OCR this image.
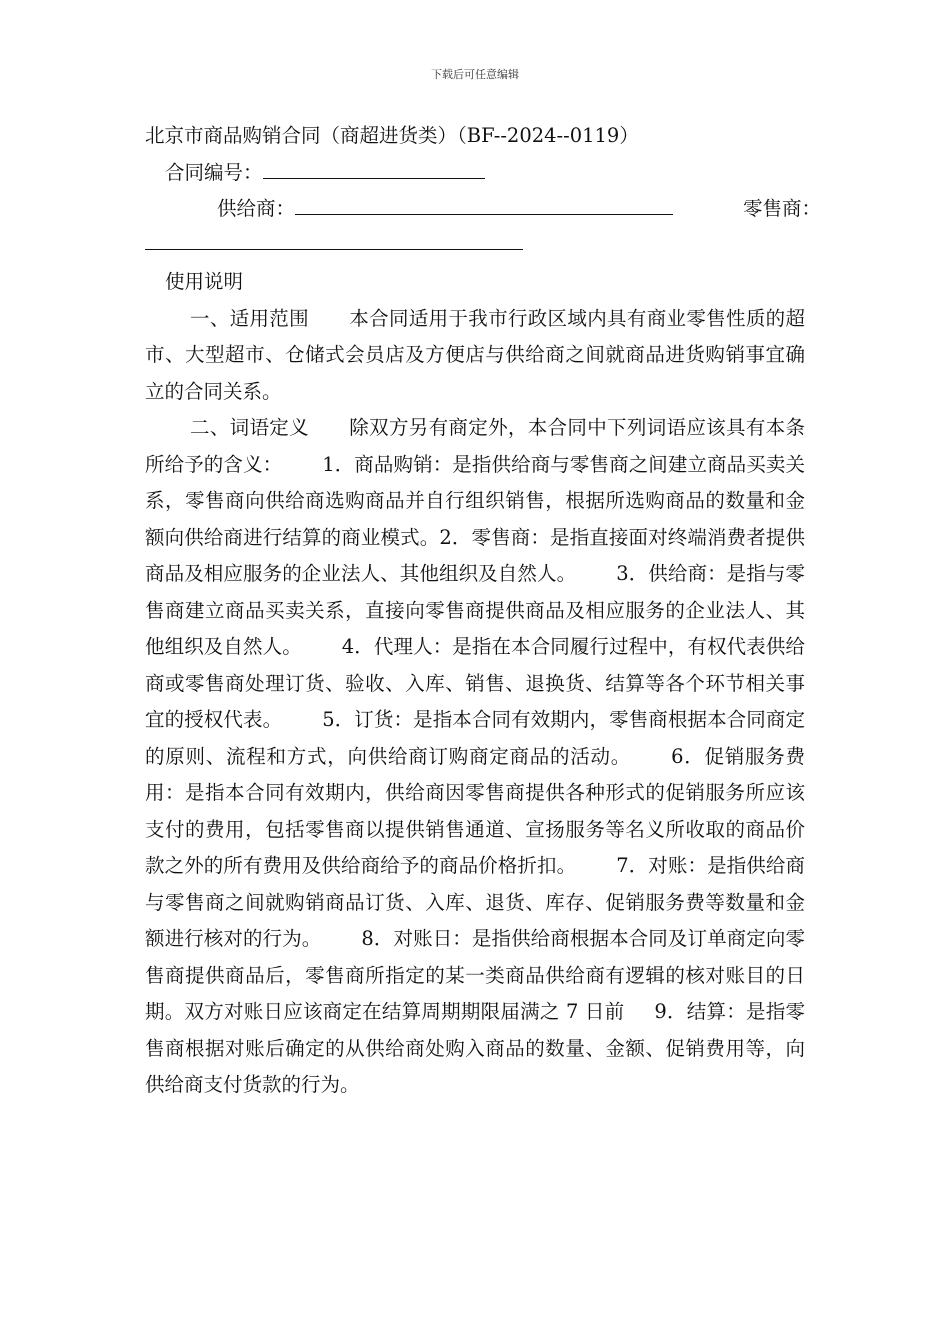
下载后可任意编辑
北京市商品购销合同（商超进货类）（BF--2024--0119）
合同编号：
供给商：	零售商：
使用说明
一、适用范围 本合同适用于我市行政区域内具有商业零售性质的超市、大型超市、仓储式会员店及方便店与供给商之间就商品进货购销事宜确立的合同关系。
二、词语定义 除双方另有商定外，本合同中下列词语应该具有本条所给予的含义： 1．商品购销：是指供给商与零售商之间建立商品买卖关系，零售商向供给商选购商品并自行组织销售，根据所选购商品的数量和金额向供给商进行结算的商业模式。2．零售商：是指直接面对终端消费者提供商品及相应服务的企业法人、其他组织及自然人。 3．供给商：是指与零售商建立商品买卖关系，直接向零售商提供商品及相应服务的企业法人、其他组织及自然人。 4．代理人：是指在本合同履行过程中，有权代表供给商或零售商处理订货、验收、入库、销售、退换货、结算等各个环节相关事宜的授权代表。 5．订货：是指本合同有效期内，零售商根据本合同商定的原则、流程和方式，向供给商订购商定商品的活动。 6．促销服务费用：是指本合同有效期内，供给商因零售商提供各种形式的促销服务所应该支付的费用，包括零售商以提供销售通道、宣扬服务等名义所收取的商品价款之外的所有费用及供给商给予的商品价格折扣。 7．对账：是指供给商与零售商之间就购销商品订货、入库、退货、库存、促销服务费等数量和金额进行核对的行为。 8．对账日：是指供给商根据本合同及订单商定向零售商提供商品后，零售商所指定的某一类商品供给商有逻辑的核对账目的日期。双方对账日应该商定在结算周期期限届满之 7 日前 9．结算：是指零售商根据对账后确定的从供给商处购入商品的数量、金额、促销费用等，向供给商支付货款的行为。
